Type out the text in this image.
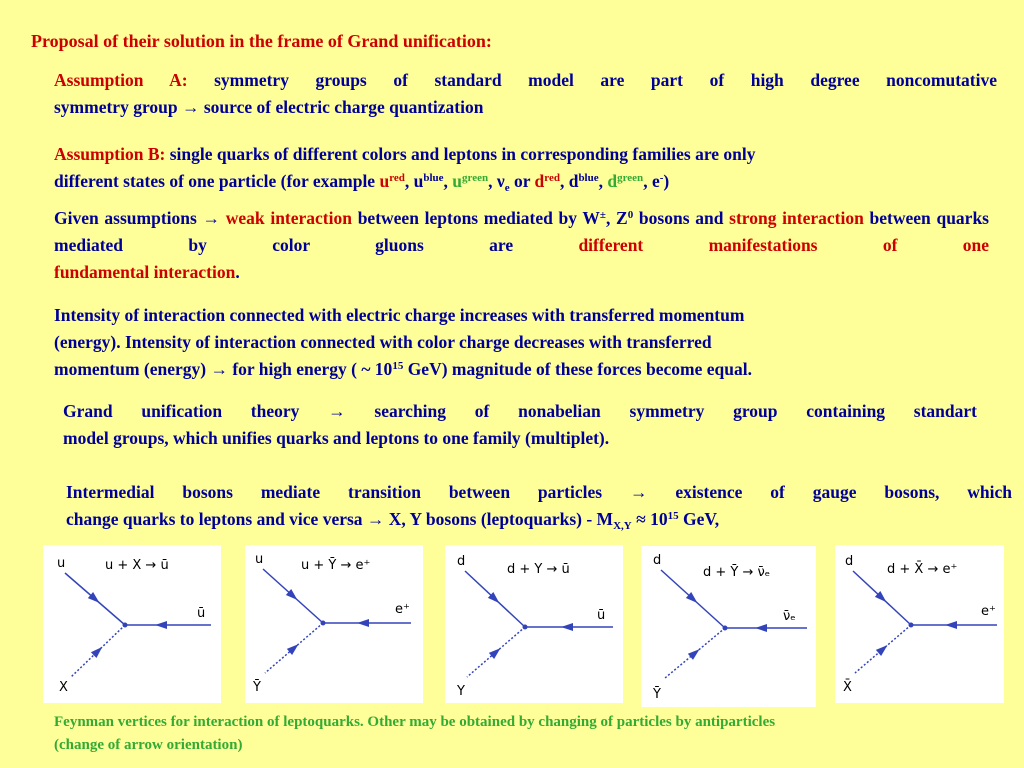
Proposal of their solution in the frame of Grand unification:
Assumption A: symmetry groups of standard model are part of high degree noncomutative
symmetry group → source of electric charge quantization
Assumption B: single quarks of different colors and leptons in corresponding families are only
different states of one particle (for example $u^{red}$, $u^{blue}$, $u^{green}$, $\nu_e$ or $d^{red}$, $d^{blue}$, $d^{green}$, e-)
Given assumptions → weak interaction between leptons mediated by W±, $Z^0$ bosons and strong interaction between quarks mediated by color gluons are	different manifestations of one
fundamental interaction.
Intensity of interaction connected with electric charge increases with transferred momentum
(energy). Intensity of interaction connected with color charge decreases with transferred
momentum (energy) → for high energy ( ~ $10^{15}$ GeV) magnitude of these forces become equal.
Grand unification theory → searching of nonabelian symmetry group containing standart
model groups, which unifies quarks and leptons to one family (multiplet).
Intermedial bosons mediate transition between particles → existence of gauge bosons, which
change quarks to leptons and vice versa → X, Y bosons (leptoquarks) - $M_{X,Y} \approx 10^{15}$ GeV,
u	u + X → ū
ū
X
u	u + Ȳ → e⁺
e⁺
Ȳ
d
d + Y → ū
ū
Y
d
d + Ȳ → ν̄ₑ
ν̄ₑ
Ȳ
d
d + X̄ → e⁺
e⁺
X̄
Feynman vertices for interaction of leptoquarks. Other may be obtained by changing of particles by antiparticles
(change of arrow orientation)
